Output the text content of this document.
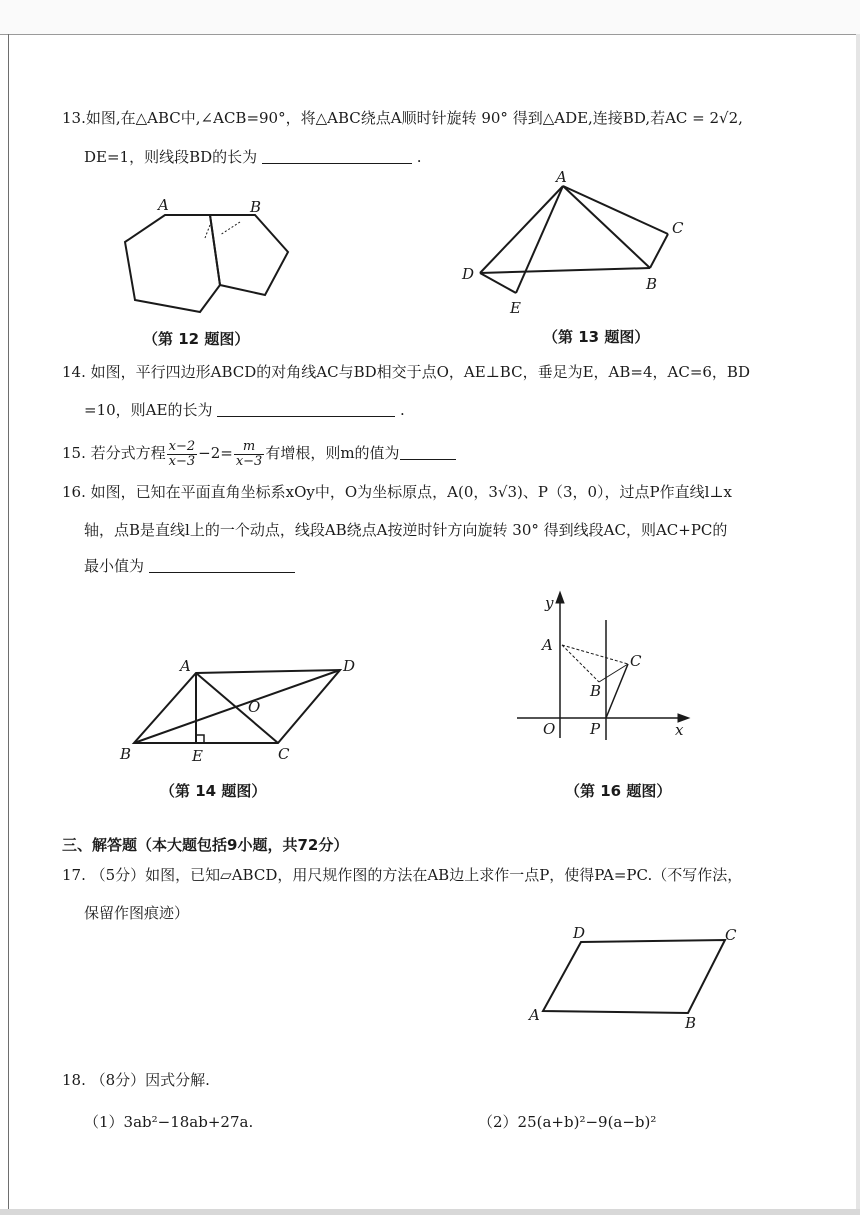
13.如图,在△ABC中,∠ACB=90°，将△ABC绕点A顺时针旋转 90° 得到△ADE,连接BD,若AC = 2√2,
DE=1，则线段BD的长为	.
A	B
（第 12 题图）
A
C
D
B
E
（第 13 题图）
14. 如图，平行四边形ABCD的对角线AC与BD相交于点O，AE⊥BC，垂足为E，AB=4，AC=6，BD
=10，则AE的长为	.
15. 若分式方程 $\frac{x-2}{x-3} -2= \frac{m}{x-3}$ 有增根，则m的值为
16. 如图，已知在平面直角坐标系xOy中，O为坐标原点，A(0，3√3)、P（3，0），过点P作直线l⊥x
轴，点B是直线l上的一个动点，线段AB绕点A按逆时针方向旋转 30° 得到线段AC，则AC+PC的
最小值为
A	D
O
B	E	C
（第 14 题图）
y
A
C
B
O P	x
（第 16 题图）
三、解答题（本大题包括9小题，共72分）
17. （5分）如图，已知▱ABCD，用尺规作图的方法在AB边上求作一点P，使得PA=PC.（不写作法，
保留作图痕迹）
D	C
A	B
18. （8分）因式分解.
（1）3ab²−18ab+27a.	（2）25(a+b)²−9(a−b)²
